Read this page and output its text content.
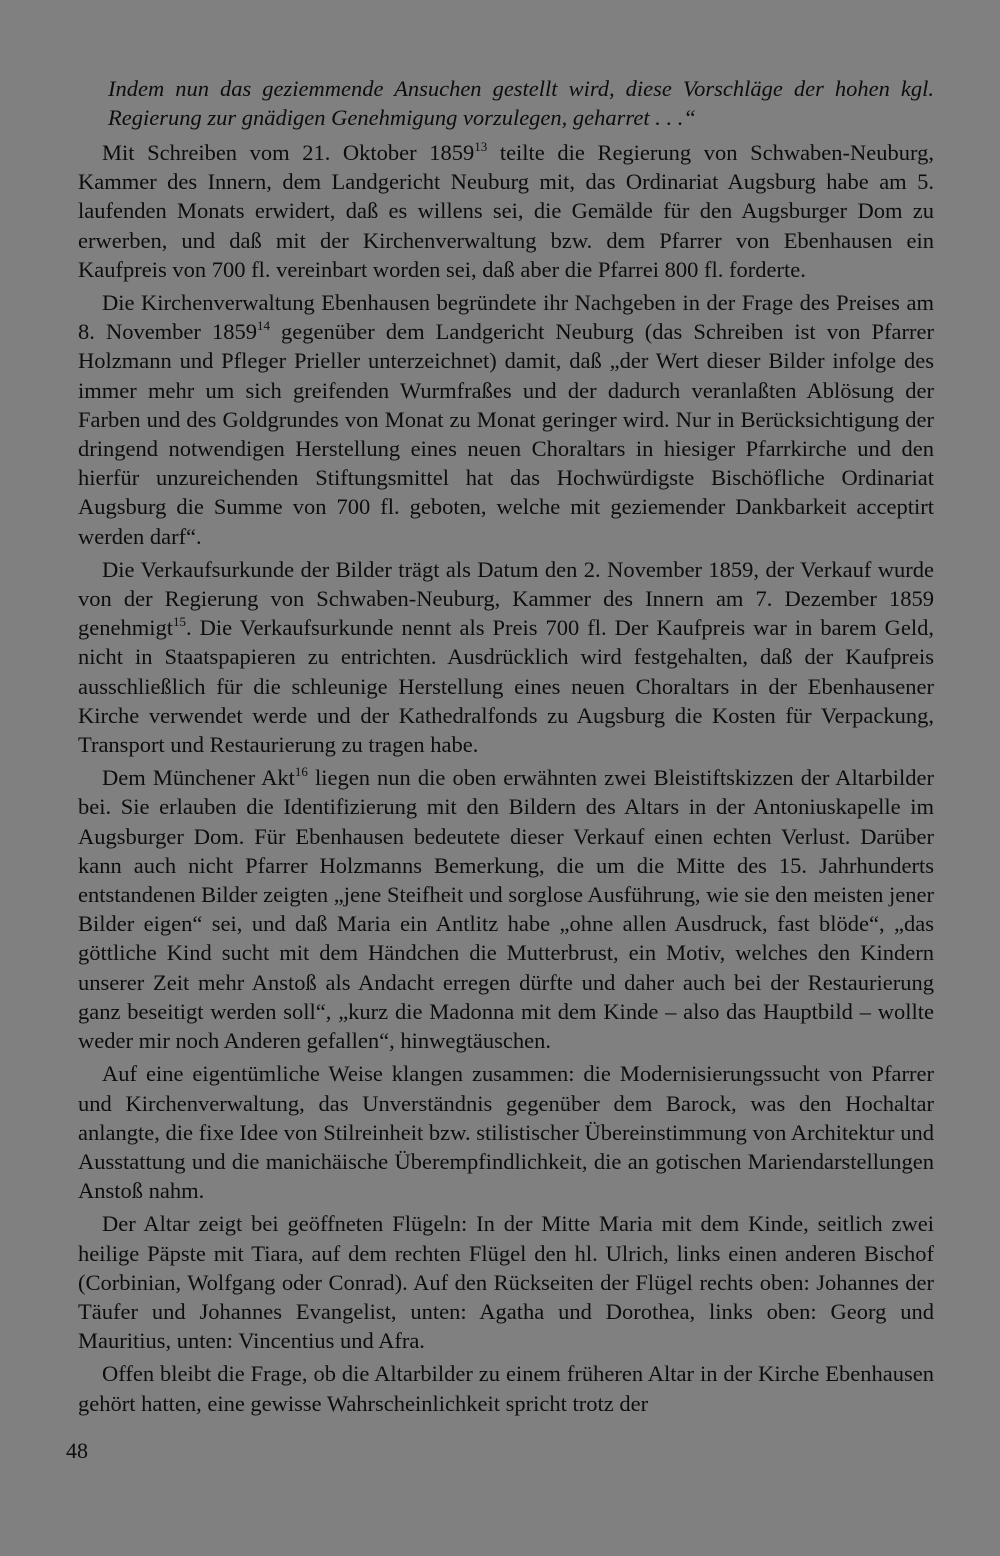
Indem nun das geziemmende Ansuchen gestellt wird, diese Vorschläge der hohen kgl. Regierung zur gnädigen Genehmigung vorzulegen, geharret . . .“

Mit Schreiben vom 21. Oktober 1859$^{13}$ teilte die Regierung von Schwaben-Neuburg, Kammer des Innern, dem Landgericht Neuburg mit, das Ordinariat Augsburg habe am 5. laufenden Monats erwidert, daß es willens sei, die Gemälde für den Augsburger Dom zu erwerben, und daß mit der Kirchenverwaltung bzw. dem Pfarrer von Ebenhausen ein Kaufpreis von 700 fl. vereinbart worden sei, daß aber die Pfarrei 800 fl. forderte.

Die Kirchenverwaltung Ebenhausen begründete ihr Nachgeben in der Frage des Preises am 8. November 1859$^{14}$ gegenüber dem Landgericht Neuburg (das Schreiben ist von Pfarrer Holzmann und Pfleger Prieller unterzeichnet) damit, daß „der Wert dieser Bilder infolge des immer mehr um sich greifenden Wurmfraßes und der dadurch veranlaßten Ablösung der Farben und des Goldgrundes von Monat zu Monat geringer wird. Nur in Berücksichtigung der dringend notwendigen Herstellung eines neuen Choraltars in hiesiger Pfarrkirche und den hierfür unzureichenden Stiftungsmittel hat das Hochwürdigste Bischöfliche Ordinariat Augsburg die Summe von 700 fl. geboten, welche mit geziemender Dankbarkeit acceptirt werden darf“.

Die Verkaufsurkunde der Bilder trägt als Datum den 2. November 1859, der Verkauf wurde von der Regierung von Schwaben-Neuburg, Kammer des Innern am 7. Dezember 1859 genehmigt$^{15}$. Die Verkaufsurkunde nennt als Preis 700 fl. Der Kaufpreis war in barem Geld, nicht in Staatspapieren zu entrichten. Ausdrücklich wird festgehalten, daß der Kaufpreis ausschließlich für die schleunige Herstellung eines neuen Choraltars in der Ebenhausener Kirche verwendet werde und der Kathedralfonds zu Augsburg die Kosten für Verpackung, Transport und Restaurierung zu tragen habe.

Dem Münchener Akt$^{16}$ liegen nun die oben erwähnten zwei Bleistiftskizzen der Altarbilder bei. Sie erlauben die Identifizierung mit den Bildern des Altars in der Antoniuskapelle im Augsburger Dom. Für Ebenhausen bedeutete dieser Verkauf einen echten Verlust. Darüber kann auch nicht Pfarrer Holzmanns Bemerkung, die um die Mitte des 15. Jahrhunderts entstandenen Bilder zeigten „jene Steifheit und sorglose Ausführung, wie sie den meisten jener Bilder eigen“ sei, und daß Maria ein Antlitz habe „ohne allen Ausdruck, fast blöde“, „das göttliche Kind sucht mit dem Händchen die Mutterbrust, ein Motiv, welches den Kindern unserer Zeit mehr Anstoß als Andacht erregen dürfte und daher auch bei der Restaurierung ganz beseitigt werden soll“, „kurz die Madonna mit dem Kinde – also das Hauptbild – wollte weder mir noch Anderen gefallen“, hinwegtäuschen.

Auf eine eigentümliche Weise klangen zusammen: die Modernisierungssucht von Pfarrer und Kirchenverwaltung, das Unverständnis gegenüber dem Barock, was den Hochaltar anlangte, die fixe Idee von Stilreinheit bzw. stilistischer Übereinstimmung von Architektur und Ausstattung und die manichäische Überempfindlichkeit, die an gotischen Mariendarstellungen Anstoß nahm.

Der Altar zeigt bei geöffneten Flügeln: In der Mitte Maria mit dem Kinde, seitlich zwei heilige Päpste mit Tiara, auf dem rechten Flügel den hl. Ulrich, links einen anderen Bischof (Corbinian, Wolfgang oder Conrad). Auf den Rückseiten der Flügel rechts oben: Johannes der Täufer und Johannes Evangelist, unten: Agatha und Dorothea, links oben: Georg und Mauritius, unten: Vincentius und Afra.

Offen bleibt die Frage, ob die Altarbilder zu einem früheren Altar in der Kirche Ebenhausen gehört hatten, eine gewisse Wahrscheinlichkeit spricht trotz der

48
